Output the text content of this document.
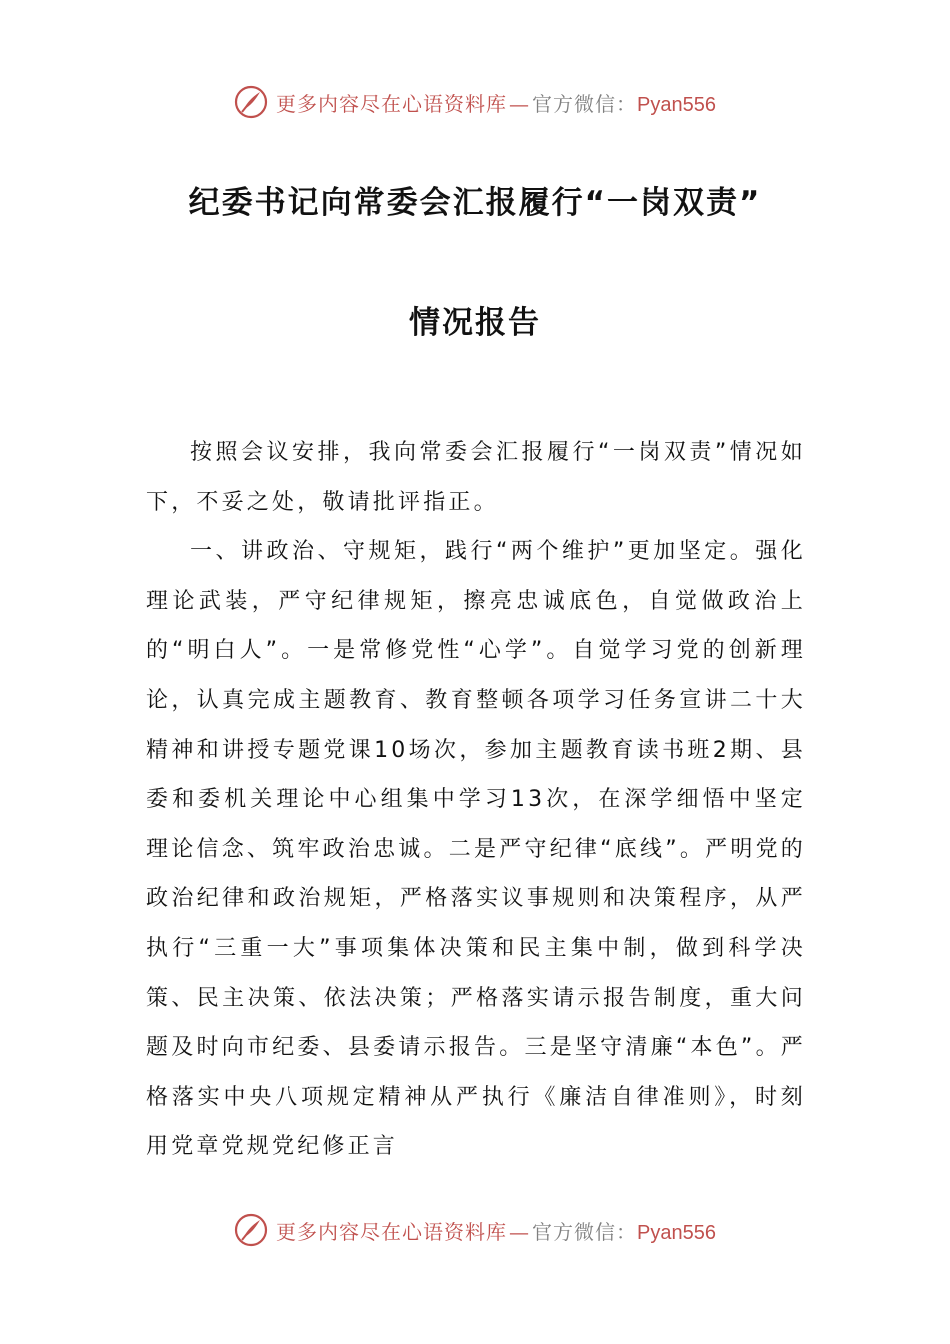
更多内容尽在心语资料库 — 官方微信：Pyan556
纪委书记向常委会汇报履行“一岗双责”
情况报告

按照会议安排，我向常委会汇报履行“一岗双责”情况如下，不妥之处，敬请批评指正。

一、讲政治、守规矩，践行“两个维护”更加坚定。强化理论武装，严守纪律规矩，擦亮忠诚底色，自觉做政治上的“明白人”。一是常修党性“心学”。自觉学习党的创新理论，认真完成主题教育、教育整顿各项学习任务宣讲二十大精神和讲授专题党课10场次，参加主题教育读书班2期、县委和委机关理论中心组集中学习13次，在深学细悟中坚定理论信念、筑牢政治忠诚。二是严守纪律“底线”。严明党的政治纪律和政治规矩，严格落实议事规则和决策程序，从严执行“三重一大”事项集体决策和民主集中制，做到科学决策、民主决策、依法决策；严格落实请示报告制度，重大问题及时向市纪委、县委请示报告。三是坚守清廉“本色”。严格落实中央八项规定精神从严执行《廉洁自律准则》，时刻用党章党规党纪修正言

更多内容尽在心语资料库 — 官方微信：Pyan556
